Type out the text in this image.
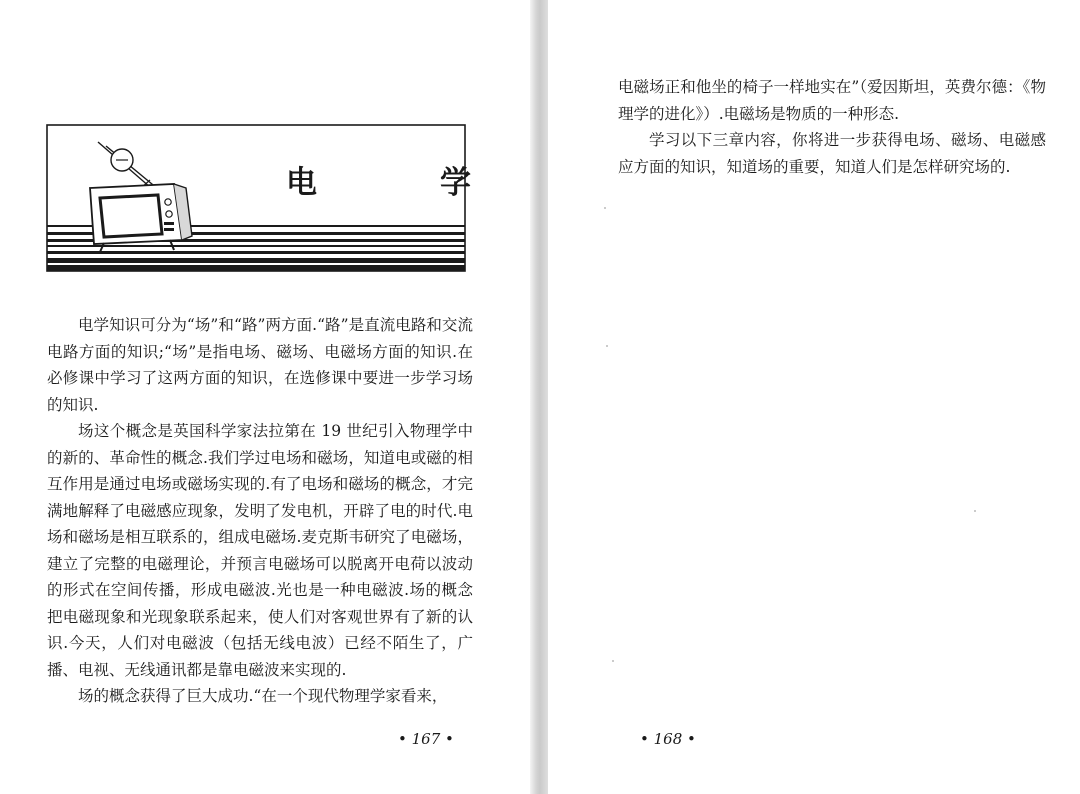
电　学

电学知识可分为“场”和“路”两方面.“路”是直流电路和交流电路方面的知识;“场”是指电场、磁场、电磁场方面的知识.在必修课中学习了这两方面的知识，在选修课中要进一步学习场的知识.

场这个概念是英国科学家法拉第在 19 世纪引入物理学中的新的、革命性的概念.我们学过电场和磁场，知道电或磁的相互作用是通过电场或磁场实现的.有了电场和磁场的概念，才完满地解释了电磁感应现象，发明了发电机，开辟了电的时代.电场和磁场是相互联系的，组成电磁场.麦克斯韦研究了电磁场，建立了完整的电磁理论，并预言电磁场可以脱离开电荷以波动的形式在空间传播，形成电磁波.光也是一种电磁波.场的概念把电磁现象和光现象联系起来，使人们对客观世界有了新的认识.今天，人们对电磁波（包括无线电波）已经不陌生了，广播、电视、无线通讯都是靠电磁波来实现的.

场的概念获得了巨大成功.“在一个现代物理学家看来，

• 167 •

电磁场正和他坐的椅子一样地实在”（爱因斯坦，英费尔德：《物理学的进化》）.电磁场是物质的一种形态.

学习以下三章内容，你将进一步获得电场、磁场、电磁感应方面的知识，知道场的重要，知道人们是怎样研究场的.

• 168 •
